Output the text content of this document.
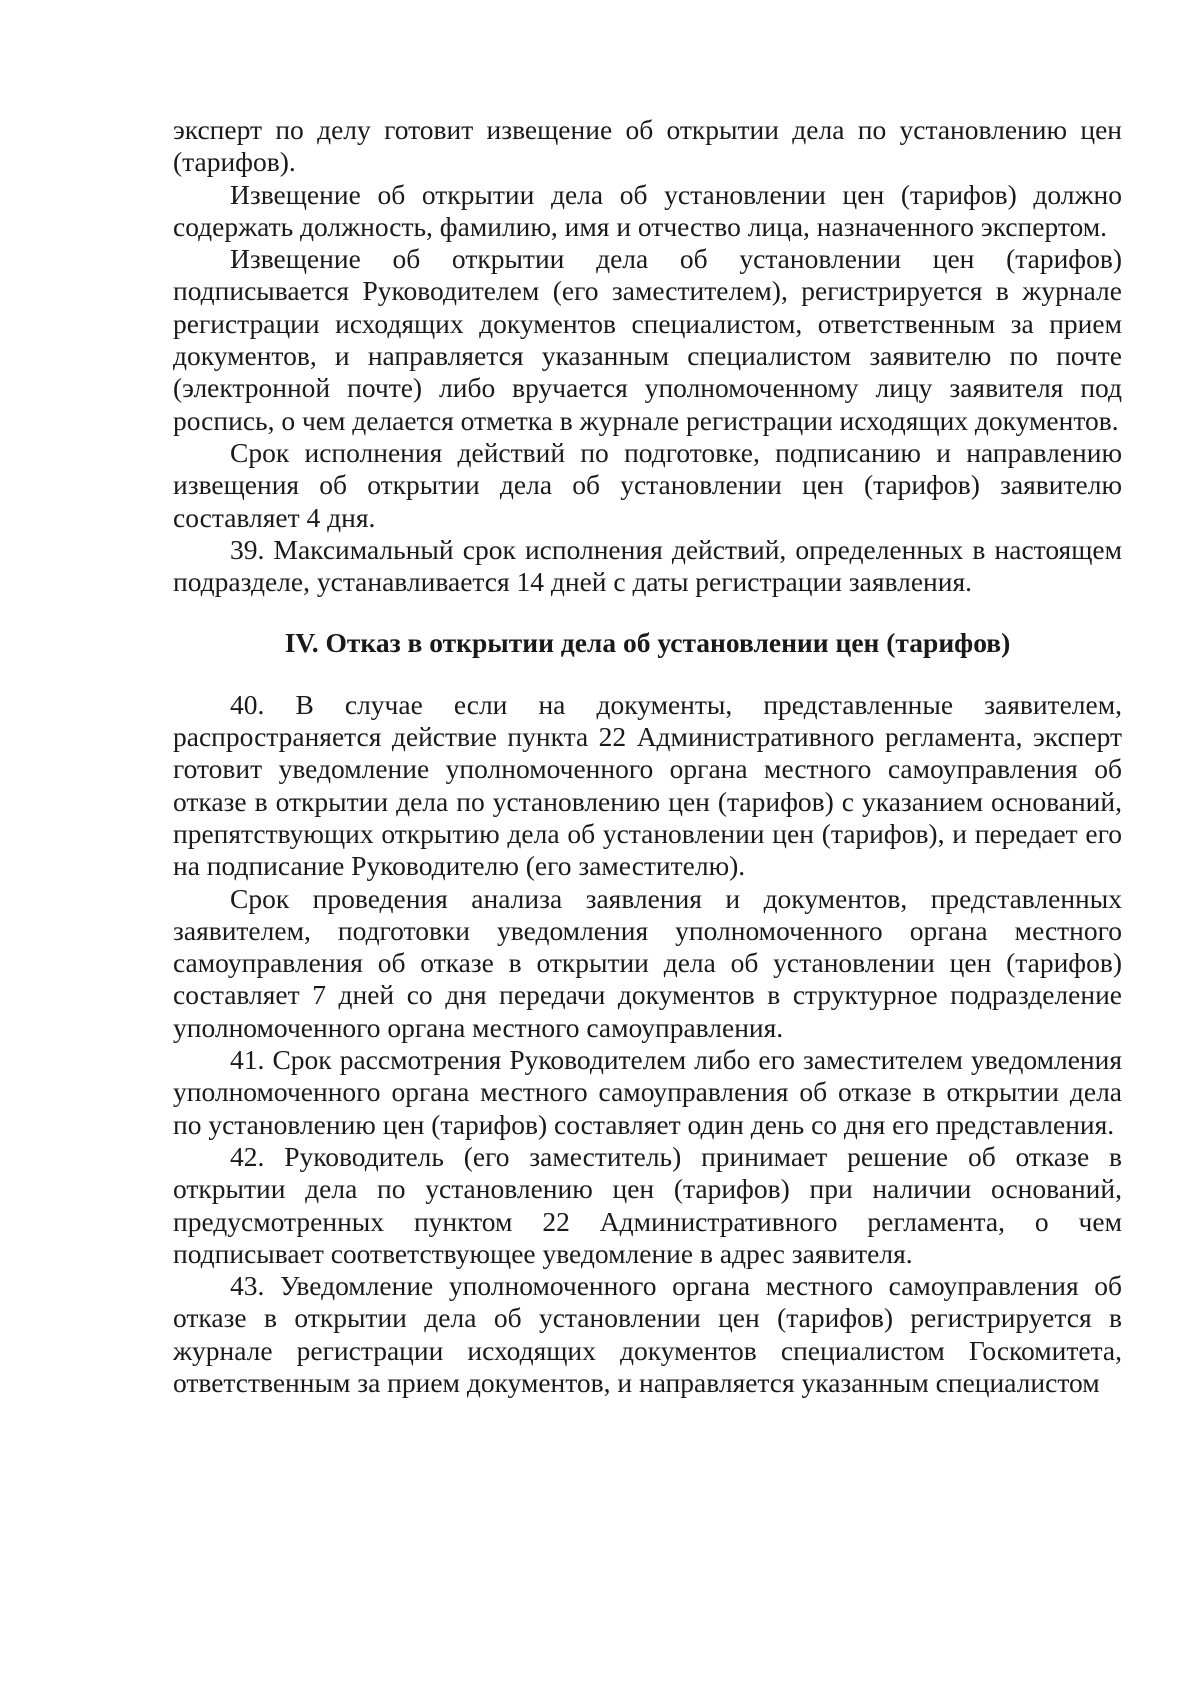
эксперт по делу готовит извещение об открытии дела по установлению цен (тарифов).

Извещение об открытии дела об установлении цен (тарифов) должно содержать должность, фамилию, имя и отчество лица, назначенного экспертом.

Извещение об открытии дела об установлении цен (тарифов) подписывается Руководителем (его заместителем), регистрируется в журнале регистрации исходящих документов специалистом, ответственным за прием документов, и направляется указанным специалистом заявителю по почте (электронной почте) либо вручается уполномоченному лицу заявителя под роспись, о чем делается отметка в журнале регистрации исходящих документов.

Срок исполнения действий по подготовке, подписанию и направлению извещения об открытии дела об установлении цен (тарифов) заявителю составляет 4 дня.

39. Максимальный срок исполнения действий, определенных в настоящем подразделе, устанавливается 14 дней с даты регистрации заявления.

IV. Отказ в открытии дела об установлении цен (тарифов)

40. В случае если на документы, представленные заявителем, распространяется действие пункта 22 Административного регламента, эксперт готовит уведомление уполномоченного органа местного самоуправления об отказе в открытии дела по установлению цен (тарифов) с указанием оснований, препятствующих открытию дела об установлении цен (тарифов), и передает его на подписание Руководителю (его заместителю).

Срок проведения анализа заявления и документов, представленных заявителем, подготовки уведомления уполномоченного органа местного самоуправления об отказе в открытии дела об установлении цен (тарифов) составляет 7 дней со дня передачи документов в структурное подразделение уполномоченного органа местного самоуправления.

41. Срок рассмотрения Руководителем либо его заместителем уведомления уполномоченного органа местного самоуправления об отказе в открытии дела по установлению цен (тарифов) составляет один день со дня его представления.

42. Руководитель (его заместитель) принимает решение об отказе в открытии дела по установлению цен (тарифов) при наличии оснований, предусмотренных пунктом 22 Административного регламента, о чем подписывает соответствующее уведомление в адрес заявителя.

43. Уведомление уполномоченного органа местного самоуправления об отказе в открытии дела об установлении цен (тарифов) регистрируется в журнале регистрации исходящих документов специалистом Госкомитета, ответственным за прием документов, и направляется указанным специалистом
